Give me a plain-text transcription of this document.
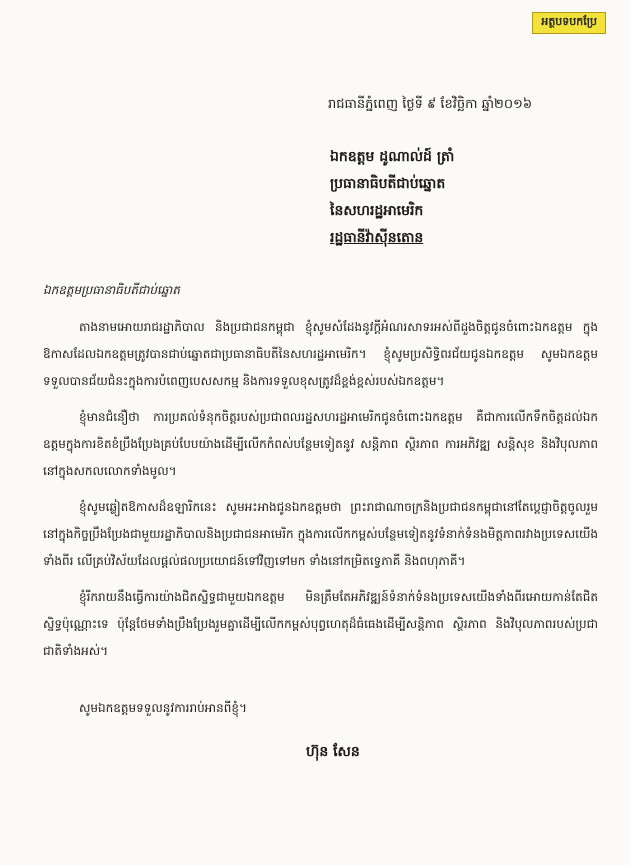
អត្ថបទបកប្រែ
រាជធានីភ្នំពេញ ថ្ងៃទី ៩ ខែវិច្ឆិកា ឆ្នាំ២០១៦
ឯកឧត្តម ដូណាល់ដ៍ ត្រាំ
ប្រធានាធិបតីជាប់ឆ្នោត
នៃសហរដ្ឋអាមេរិក
រដ្ឋធានីវ៉ាស៊ីនតោន
ឯកឧត្តមប្រធានាធិបតីជាប់ឆ្នោត

តាងនាមអោយរាជរដ្ឋាភិបាល និងប្រជាជនកម្ពុជា ខ្ញុំសូមសំដែងនូវក្តីអំណរសាទរអស់ពីដួងចិត្តជូនចំពោះឯកឧត្តម ក្នុងឱកាសដែលឯកឧត្តមត្រូវបានជាប់ឆ្នោតជាប្រធានាធិបតីនៃសហរដ្ឋអាមេរិក។ ខ្ញុំសូមប្រសិទ្ធិពរជ័យជូនឯកឧត្តម សូមឯកឧត្តមទទួលបានជ័យជំនះក្នុងការបំពេញបេសសកម្ម និងការទទួលខុសត្រូវដ៏ខ្ពង់ខ្ពស់របស់ឯកឧត្តម។

ខ្ញុំមានជំនឿថា ការប្រគល់ទំនុកចិត្តរបស់ប្រជាពលរដ្ឋសហរដ្ឋអាមេរិកជូនចំពោះឯកឧត្តម គឺជាការលើកទឹកចិត្តដល់ឯកឧត្តមក្នុងការខិតខំប្រឹងប្រែងគ្រប់បែបយ៉ាងដើម្បីលើកកំពស់បន្ថែមទៀតនូវ សន្តិភាព ស្ថិរភាព ការអភិវឌ្ឍ សន្តិសុខ និងវិបុលភាពនៅក្នុងសកលលោកទាំងមូល។

ខ្ញុំសូមឆ្លៀតឱកាសដ៏ឧឡារិកនេះ សូមអះអាងជូនឯកឧត្តមថា ព្រះរាជាណាចក្រនិងប្រជាជនកម្ពុជានៅតែប្តេជ្ញាចិត្តចូលរួមនៅក្នុងកិច្ចប្រឹងប្រែងជាមួយរដ្ឋាភិបាលនិងប្រជាជនអាមេរិក ក្នុងការលើកកម្ពស់បន្ថែមទៀតនូវទំនាក់ទំនងមិត្តភាពរវាងប្រទេសយើងទាំងពីរ លើគ្រប់វិស័យដែលផ្តល់ផលប្រយោជន៍ទៅវិញទៅមក ទាំងនៅកម្រិតទ្វេភាគី និងពហុភាគី។

ខ្ញុំរីករាយនឹងធ្វើការយ៉ាងជិតស្និទ្ធជាមួយឯកឧត្តម មិនត្រឹមតែអភិវឌ្ឍន៍ទំនាក់ទំនងប្រទេសយើងទាំងពីរអោយកាន់តែជិតស្និទ្ធប៉ុណ្ណោះទេ ប៉ុន្តែថែមទាំងប្រឹងប្រែងរួមគ្នាដើម្បីលើកកម្ពស់បុព្វហេតុដ៏ធំធេងដើម្បីសន្តិភាព ស្ថិរភាព និងវិបុលភាពរបស់ប្រជាជាតិទាំងអស់។

សូមឯកឧត្តមទទួលនូវការរាប់អានពីខ្ញុំ។
ហ៊ុន សែន
